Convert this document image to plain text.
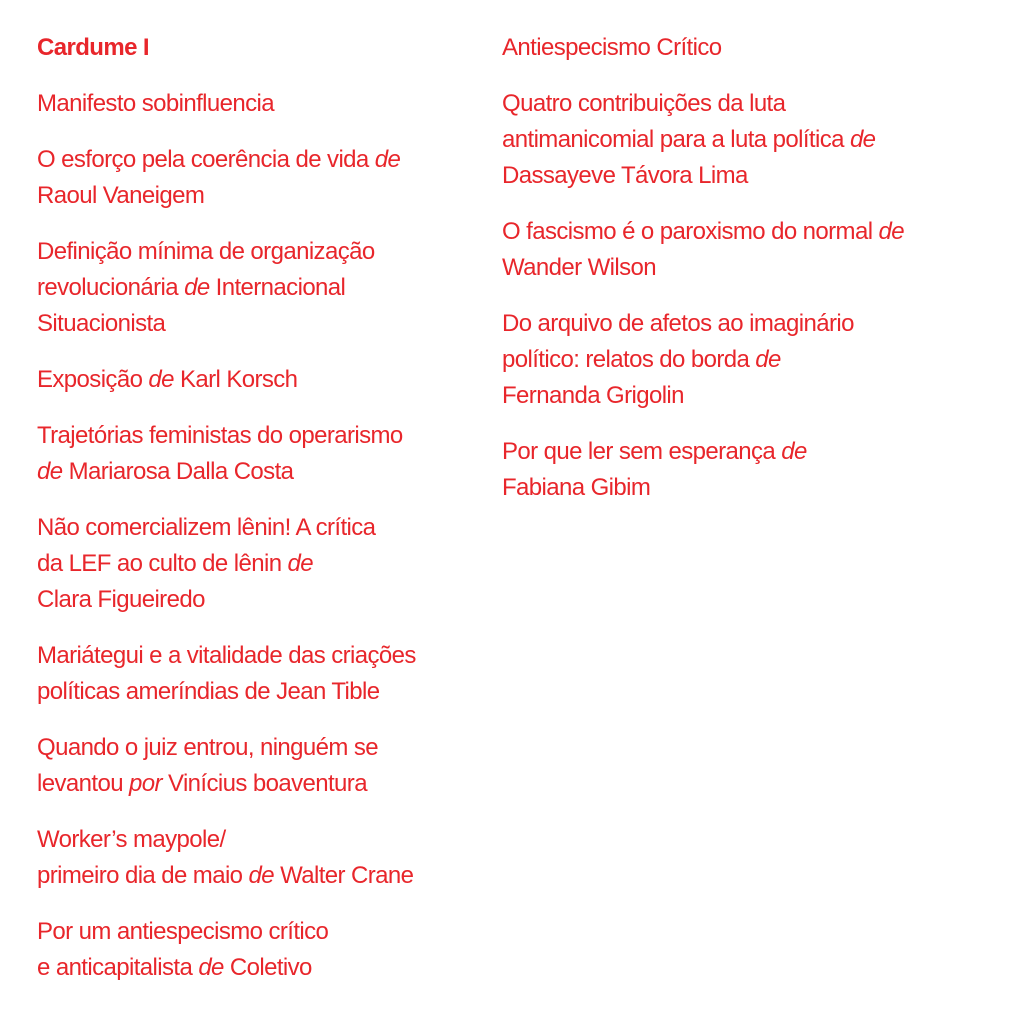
Cardume I
Manifesto sobinfluencia
O esforço pela coerência de vida de
Raoul Vaneigem
Definição mínima de organização
revolucionária de Internacional
Situacionista
Exposição de Karl Korsch
Trajetórias feministas do operarismo
de Mariarosa Dalla Costa
Não comercializem lênin! A crítica
da LEF ao culto de lênin de
Clara Figueiredo
Mariátegui e a vitalidade das criações
políticas ameríndias de Jean Tible
Quando o juiz entrou, ninguém se
levantou por Vinícius boaventura
Worker’s maypole/
primeiro dia de maio de Walter Crane
Por um antiespecismo crítico
e anticapitalista de Coletivo
Antiespecismo Crítico
Quatro contribuições da luta
antimanicomial para a luta política de
Dassayeve Távora Lima
O fascismo é o paroxismo do normal de
Wander Wilson
Do arquivo de afetos ao imaginário
político: relatos do borda de
Fernanda Grigolin
Por que ler sem esperança de
Fabiana Gibim
